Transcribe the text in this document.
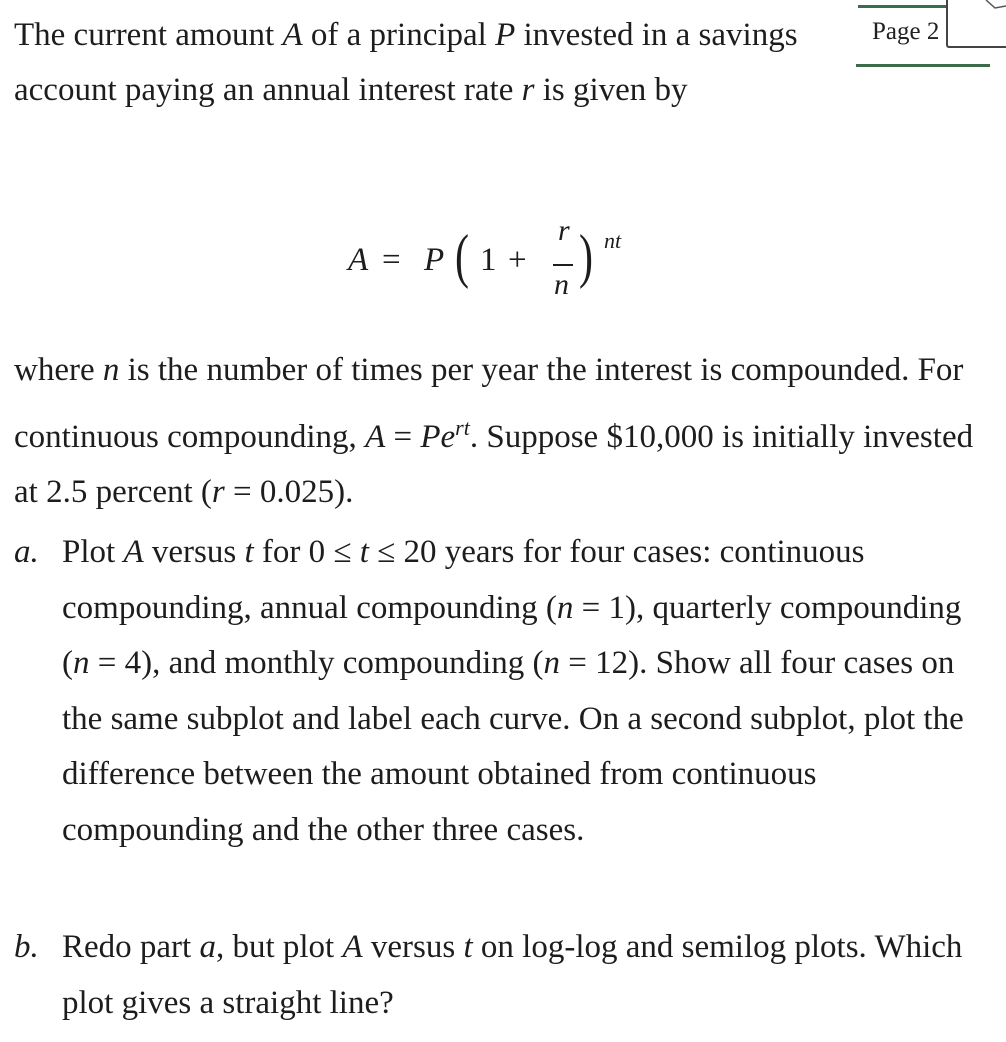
Page 2

The current amount A of a principal P invested in a savings account paying an annual interest rate r is given by

A = P ( 1 +
r
n ) nt

where n is the number of times per year the interest is compounded. For continuous compounding, $A = Pe^{rt}$. Suppose $10,000 is initially invested at 2.5 percent (r = 0.025).

a. Plot A versus t for 0 ≤ t ≤ 20 years for four cases: continuous compounding, annual compounding (n = 1), quarterly compounding (n = 4), and monthly compounding (n = 12). Show all four cases on the same subplot and label each curve. On a second subplot, plot the difference between the amount obtained from continuous compounding and the other three cases.
b. Redo part a, but plot A versus t on log-log and semilog plots. Which plot gives a straight line?
